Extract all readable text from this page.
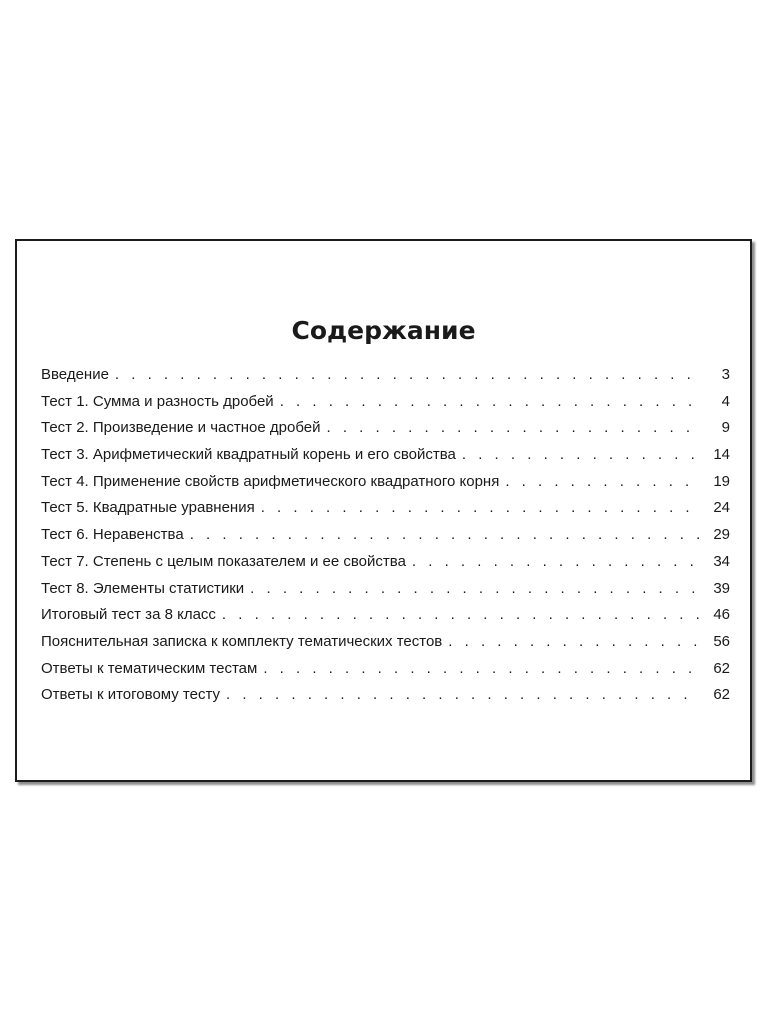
Содержание
Введение . . .	3
Тест 1. Сумма и разность дробей . . .	4
Тест 2. Произведение и частное дробей . . .	9
Тест 3. Арифметический квадратный корень и его свойства . . .	14
Тест 4. Применение свойств арифметического квадратного корня . . .	19
Тест 5. Квадратные уравнения . . .	24
Тест 6. Неравенства . . .	29
Тест 7. Степень с целым показателем и ее свойства . . .	34
Тест 8. Элементы статистики . . .	39
Итоговый тест за 8 класс . . .	46
Пояснительная записка к комплекту тематических тестов . . .	56
Ответы к тематическим тестам . . .	62
Ответы к итоговому тесту . . .	62
